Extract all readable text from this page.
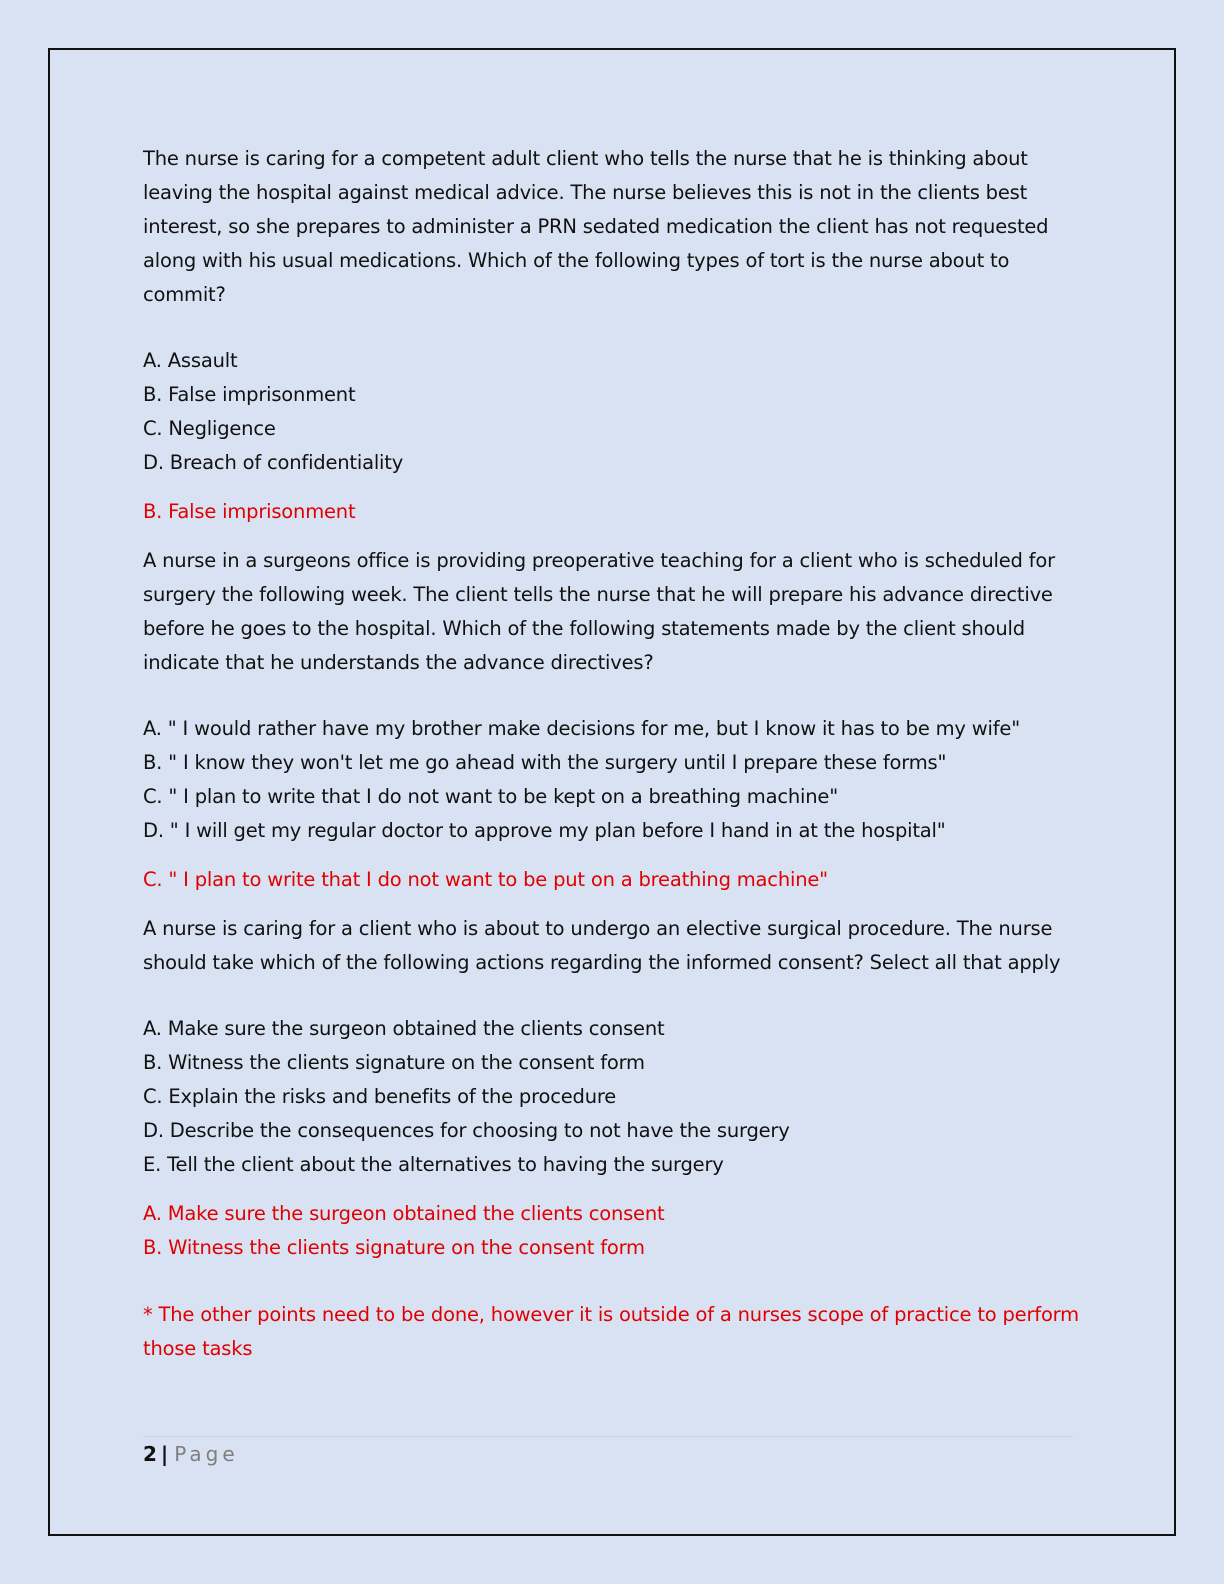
The nurse is caring for a competent adult client who tells the nurse that he is thinking about leaving the hospital against medical advice. The nurse believes this is not in the clients best interest, so she prepares to administer a PRN sedated medication the client has not requested along with his usual medications. Which of the following types of tort is the nurse about to commit?

A. Assault
B. False imprisonment
C. Negligence
D. Breach of confidentiality

B. False imprisonment

A nurse in a surgeons office is providing preoperative teaching for a client who is scheduled for surgery the following week. The client tells the nurse that he will prepare his advance directive before he goes to the hospital. Which of the following statements made by the client should indicate that he understands the advance directives?

A. " I would rather have my brother make decisions for me, but I know it has to be my wife"
B. " I know they won't let me go ahead with the surgery until I prepare these forms"
C. " I plan to write that I do not want to be kept on a breathing machine"
D. " I will get my regular doctor to approve my plan before I hand in at the hospital"

C. " I plan to write that I do not want to be put on a breathing machine"

A nurse is caring for a client who is about to undergo an elective surgical procedure. The nurse should take which of the following actions regarding the informed consent? Select all that apply

A. Make sure the surgeon obtained the clients consent
B. Witness the clients signature on the consent form
C. Explain the risks and benefits of the procedure
D. Describe the consequences for choosing to not have the surgery
E. Tell the client about the alternatives to having the surgery

A. Make sure the surgeon obtained the clients consent

B. Witness the clients signature on the consent form

* The other points need to be done, however it is outside of a nurses scope of practice to perform those tasks

2 | Page
